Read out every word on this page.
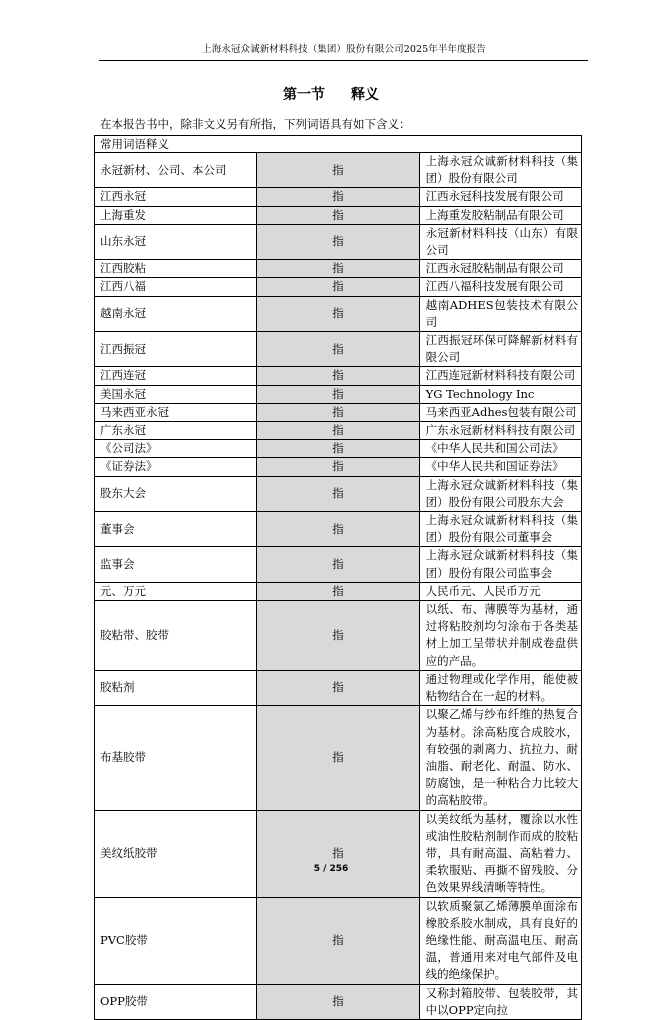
上海永冠众诚新材料科技（集团）股份有限公司2025年半年度报告
第一节 释义
在本报告书中，除非文义另有所指，下列词语具有如下含义：
常用词语释义		
永冠新材、公司、本公司	指	上海永冠众诚新材料科技（集团）股份有限公司
江西永冠	指	江西永冠科技发展有限公司
上海重发	指	上海重发胶粘制品有限公司
山东永冠	指	永冠新材料科技（山东）有限公司
江西胶粘	指	江西永冠胶粘制品有限公司
江西八福	指	江西八福科技发展有限公司
越南永冠	指	越南ADHES包装技术有限公司
江西振冠	指	江西振冠环保可降解新材料有限公司
江西连冠	指	江西连冠新材料科技有限公司
美国永冠	指	YG Technology Inc
马来西亚永冠	指	马来西亚Adhes包装有限公司
广东永冠	指	广东永冠新材料科技有限公司
《公司法》	指	《中华人民共和国公司法》
《证券法》	指	《中华人民共和国证券法》
股东大会	指	上海永冠众诚新材料科技（集团）股份有限公司股东大会
董事会	指	上海永冠众诚新材料科技（集团）股份有限公司董事会
监事会	指	上海永冠众诚新材料科技（集团）股份有限公司监事会
元、万元	指	人民币元、人民币万元
胶粘带、胶带	指	以纸、布、薄膜等为基材，通过将粘胶剂均匀涂布于各类基材上加工呈带状并制成卷盘供应的产品。
胶粘剂	指	通过物理或化学作用，能使被粘物结合在一起的材料。
布基胶带	指	以聚乙烯与纱布纤维的热复合为基材。涂高粘度合成胶水，有较强的剥离力、抗拉力、耐油脂、耐老化、耐温、防水、防腐蚀，是一种粘合力比较大的高粘胶带。
美纹纸胶带	指	以美纹纸为基材，覆涂以水性或油性胶粘剂制作而成的胶粘带，具有耐高温、高粘着力、柔软服贴、再撕不留残胶、分色效果界线清晰等特性。
PVC胶带	指	以软质聚氯乙烯薄膜单面涂布橡胶系胶水制成，具有良好的绝缘性能、耐高温电压、耐高温，普通用来对电气部件及电线的绝缘保护。
OPP胶带	指	又称封箱胶带、包装胶带，其中以OPP定向拉
5 / 256
